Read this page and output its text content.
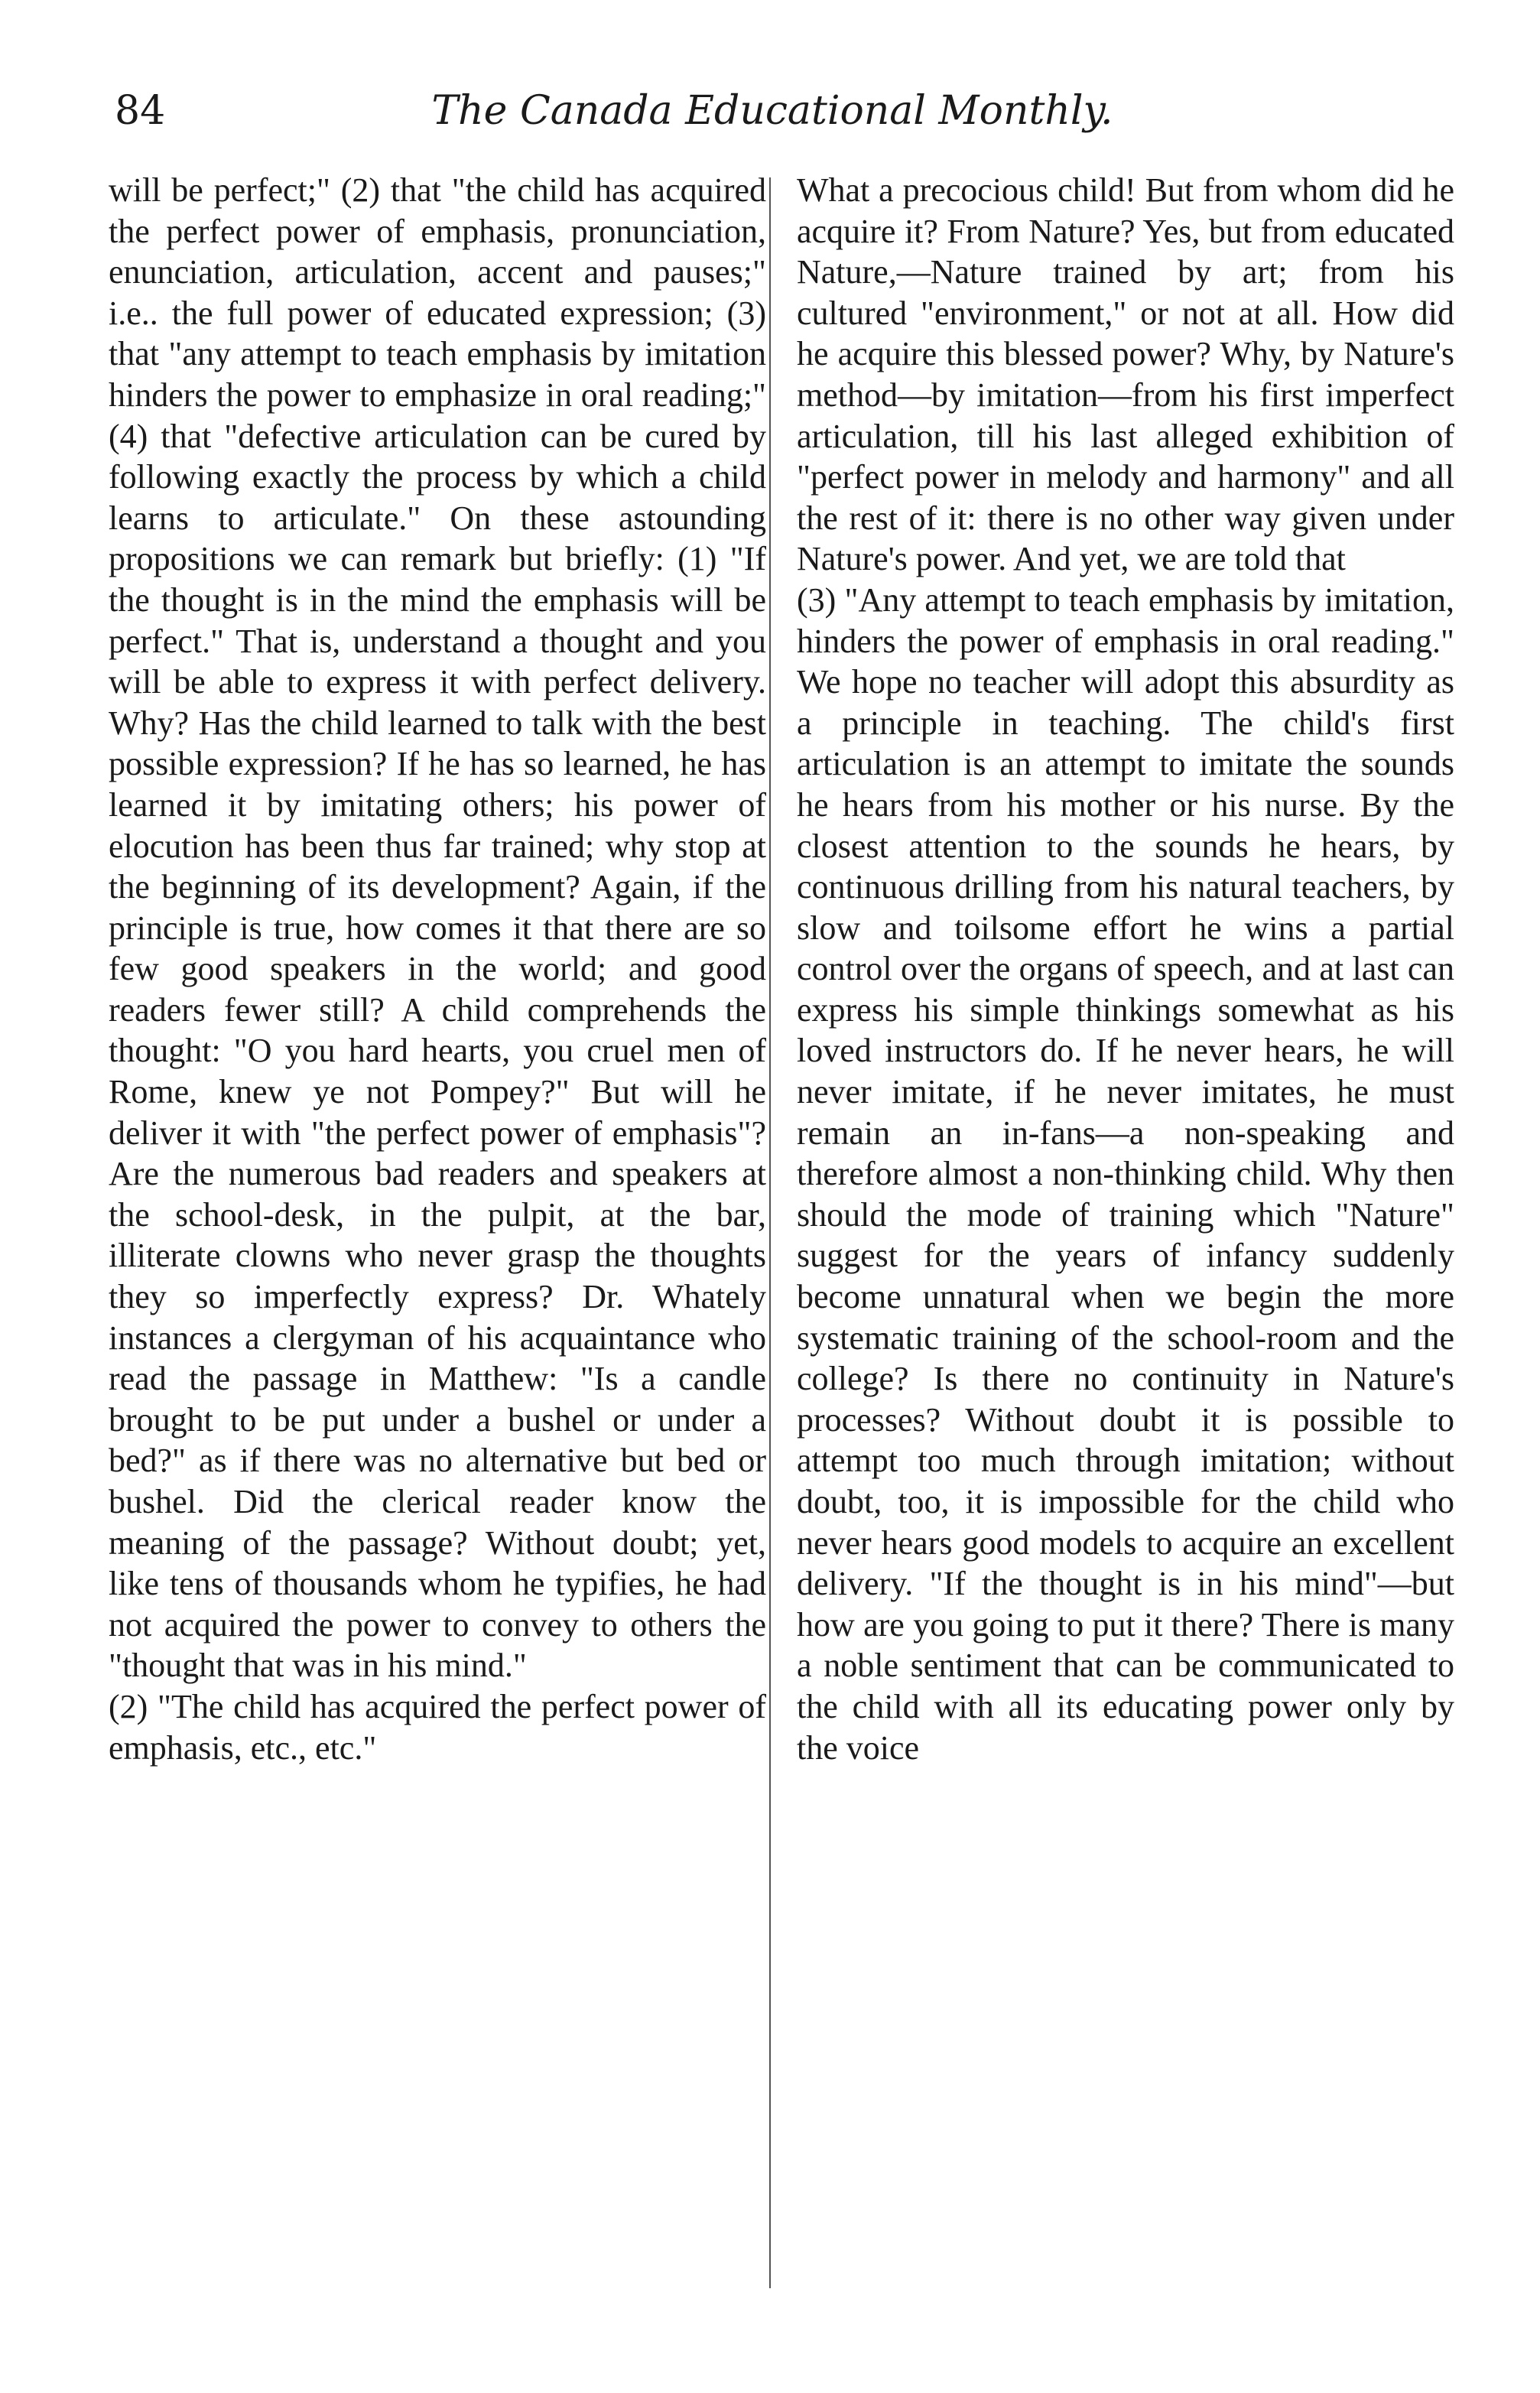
84	The Canada Educational Monthly.

will be perfect;" (2) that "the child has acquired the perfect power of emphasis, pronunciation, enunciation, articulation, accent and pauses;" i.e.. the full power of educated expression; (3) that "any attempt to teach emphasis by imitation hinders the power to emphasize in oral reading;" (4) that "defective articulation can be cured by following exactly the process by which a child learns to articulate." On these astounding propositions we can remark but briefly: (1) "If the thought is in the mind the emphasis will be perfect." That is, understand a thought and you will be able to express it with perfect delivery. Why? Has the child learned to talk with the best possible expression? If he has so learned, he has learned it by imitating others; his power of elocution has been thus far trained; why stop at the beginning of its development? Again, if the principle is true, how comes it that there are so few good speakers in the world; and good readers fewer still? A child comprehends the thought: "O you hard hearts, you cruel men of Rome, knew ye not Pompey?" But will he deliver it with "the perfect power of emphasis"? Are the numerous bad readers and speakers at the school-desk, in the pulpit, at the bar, illiterate clowns who never grasp the thoughts they so imperfectly express? Dr. Whately instances a clergyman of his acquaintance who read the passage in Matthew: "Is a candle brought to be put under a bushel or under a bed?" as if there was no alternative but bed or bushel. Did the clerical reader know the meaning of the passage? Without doubt; yet, like tens of thousands whom he typifies, he had not acquired the power to convey to others the "thought that was in his mind."

(2) "The child has acquired the perfect power of emphasis, etc., etc."

What a precocious child! But from whom did he acquire it? From Nature? Yes, but from educated Nature,—Nature trained by art; from his cultured "environment," or not at all. How did he acquire this blessed power? Why, by Nature's method—by imitation—from his first imperfect articulation, till his last alleged exhibition of "perfect power in melody and harmony" and all the rest of it: there is no other way given under Nature's power. And yet, we are told that

(3) "Any attempt to teach emphasis by imitation, hinders the power of emphasis in oral reading." We hope no teacher will adopt this absurdity as a principle in teaching. The child's first articulation is an attempt to imitate the sounds he hears from his mother or his nurse. By the closest attention to the sounds he hears, by continuous drilling from his natural teachers, by slow and toilsome effort he wins a partial control over the organs of speech, and at last can express his simple thinkings somewhat as his loved instructors do. If he never hears, he will never imitate, if he never imitates, he must remain an in-fans—a non-speaking and therefore almost a non-thinking child. Why then should the mode of training which "Nature" suggest for the years of infancy suddenly become unnatural when we begin the more systematic training of the school-room and the college? Is there no continuity in Nature's processes? Without doubt it is possible to attempt too much through imitation; without doubt, too, it is impossible for the child who never hears good models to acquire an excellent delivery. "If the thought is in his mind"—but how are you going to put it there? There is many a noble sentiment that can be communicated to the child with all its educating power only by the voice
